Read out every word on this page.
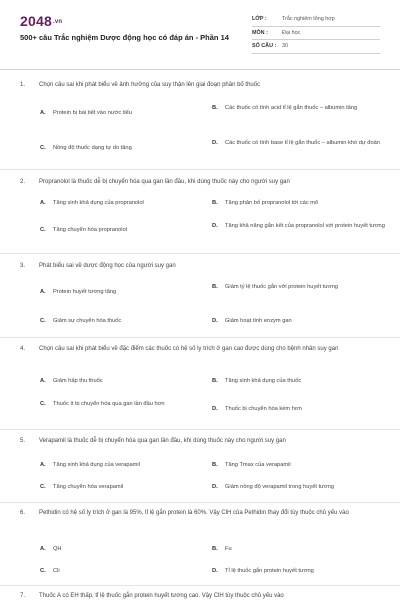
2048.vn
500+ câu Trắc nghiệm Dược động học có đáp án - Phần 14
LỚP :	Trắc nghiệm tổng hợp
MÔN :	Đại học
SỐ CÂU :	30
1.	Chọn câu sai khi phát biểu về ảnh hưởng của suy thận lên giai đoạn phân bố thuốc
A.	Protein bị bài tiết vào nước tiểu
B.	Các thuốc có tính acid tỉ lệ gắn thuốc – albumin tăng
C.	Nồng độ thuốc dạng tự do tăng
D.	Các thuốc có tính base tỉ lệ gắn thuốc – albumin khó dự đoán
2.	Propranolol là thuốc dễ bị chuyển hóa qua gan lần đầu, khi dùng thuốc này cho người suy gan
A.	Tăng sinh khả dụng của propranolol	B.	Tăng phân bố propranolol tới các mô
C.	Tăng chuyển hóa propranolol
D.	Tăng khả năng gắn kết của propranolol với protein huyết tương
3.	Phát biểu sai về dược động học của người suy gan
A.	Protein huyết tương tăng
B.	Giảm tỷ lệ thuốc gắn với protein huyết tương
C.	Giảm sự chuyển hóa thuốc	D.	Giảm hoạt tính enzym gan
4.	Chọn câu sai khi phát biểu về đặc điểm các thuốc có hệ số ly trích ở gan cao được dùng cho bệnh nhân suy gan
A.	Giảm hấp thu thuốc	B.	Tăng sinh khả dụng của thuốc
C.	Thuốc ít bị chuyển hóa qua gan lần đầu hơn
D.	Thuốc bị chuyển hóa kém hơn
5.	Verapamil là thuốc dễ bị chuyển hóa qua gan lần đầu, khi dùng thuốc này cho người suy gan
A.	Tăng sinh khả dụng của verapamil	B.	Tăng Tmax của verapamil
C.	Tăng chuyển hóa verapamil	D.	Giảm nồng độ verapamil trong huyết tương
6.	Pethidin có hệ số ly trích ở gan là 95%, tỉ lệ gắn protein là 60%. Vậy ClH của Pethidin thay đổi tùy thuộc chủ yếu vào
A.	QH	B.	Fu
C.	Cli	D.	Tỉ lệ thuốc gắn protein huyết tương
7.	Thuốc A có EH thấp, tỉ lệ thuốc gắn protein huyết tương cao. Vậy ClH tùy thuộc chủ yếu vào
